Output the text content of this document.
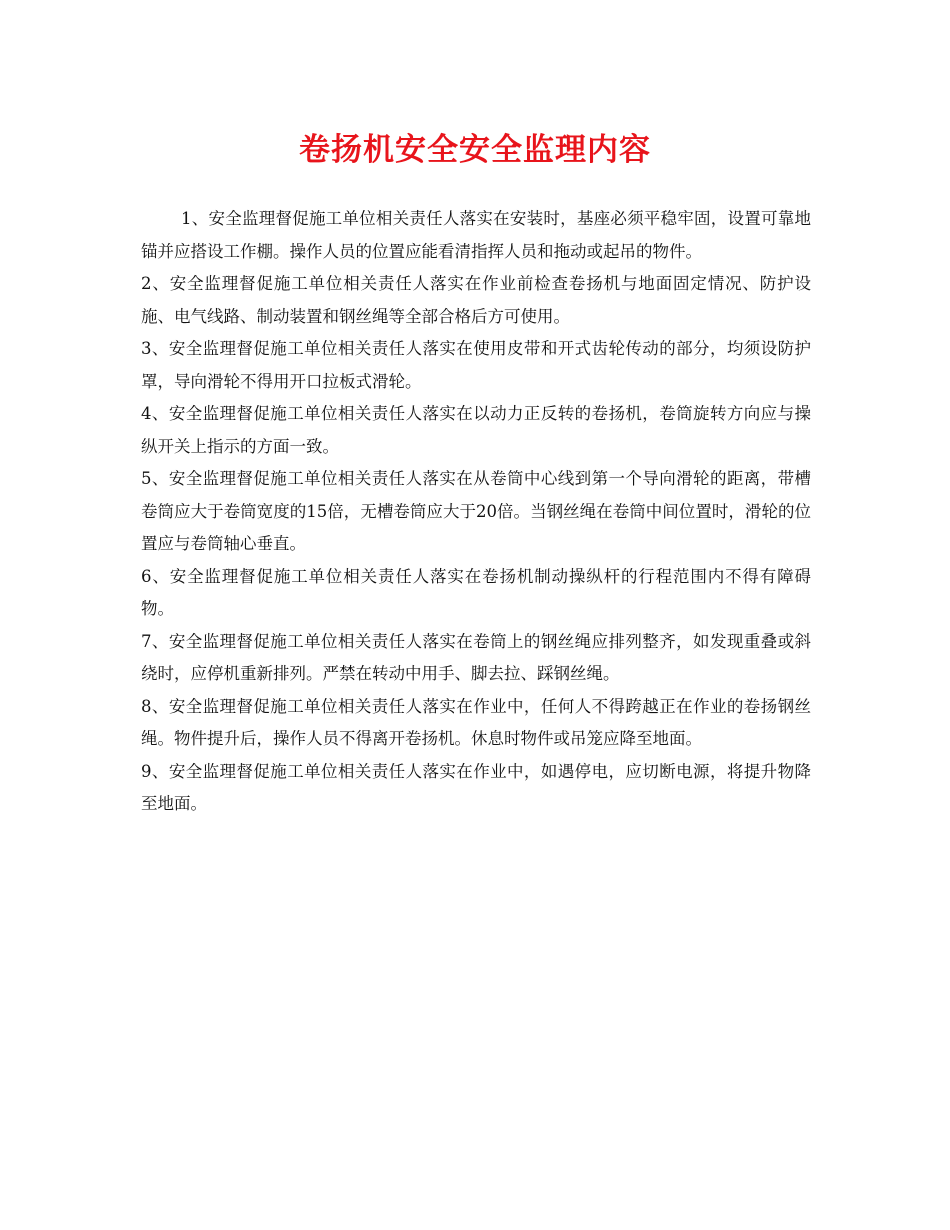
卷扬机安全安全监理内容

1、安全监理督促施工单位相关责任人落实在安装时，基座必须平稳牢固，设置可靠地锚并应搭设工作棚。操作人员的位置应能看清指挥人员和拖动或起吊的物件。

2、安全监理督促施工单位相关责任人落实在作业前检查卷扬机与地面固定情况、防护设施、电气线路、制动装置和钢丝绳等全部合格后方可使用。

3、安全监理督促施工单位相关责任人落实在使用皮带和开式齿轮传动的部分，均须设防护罩，导向滑轮不得用开口拉板式滑轮。

4、安全监理督促施工单位相关责任人落实在以动力正反转的卷扬机，卷筒旋转方向应与操纵开关上指示的方面一致。

5、安全监理督促施工单位相关责任人落实在从卷筒中心线到第一个导向滑轮的距离，带槽卷筒应大于卷筒宽度的15倍，无槽卷筒应大于20倍。当钢丝绳在卷筒中间位置时，滑轮的位置应与卷筒轴心垂直。

6、安全监理督促施工单位相关责任人落实在卷扬机制动操纵杆的行程范围内不得有障碍物。

7、安全监理督促施工单位相关责任人落实在卷筒上的钢丝绳应排列整齐，如发现重叠或斜绕时，应停机重新排列。严禁在转动中用手、脚去拉、踩钢丝绳。

8、安全监理督促施工单位相关责任人落实在作业中，任何人不得跨越正在作业的卷扬钢丝绳。物件提升后，操作人员不得离开卷扬机。休息时物件或吊笼应降至地面。

9、安全监理督促施工单位相关责任人落实在作业中，如遇停电，应切断电源，将提升物降至地面。
